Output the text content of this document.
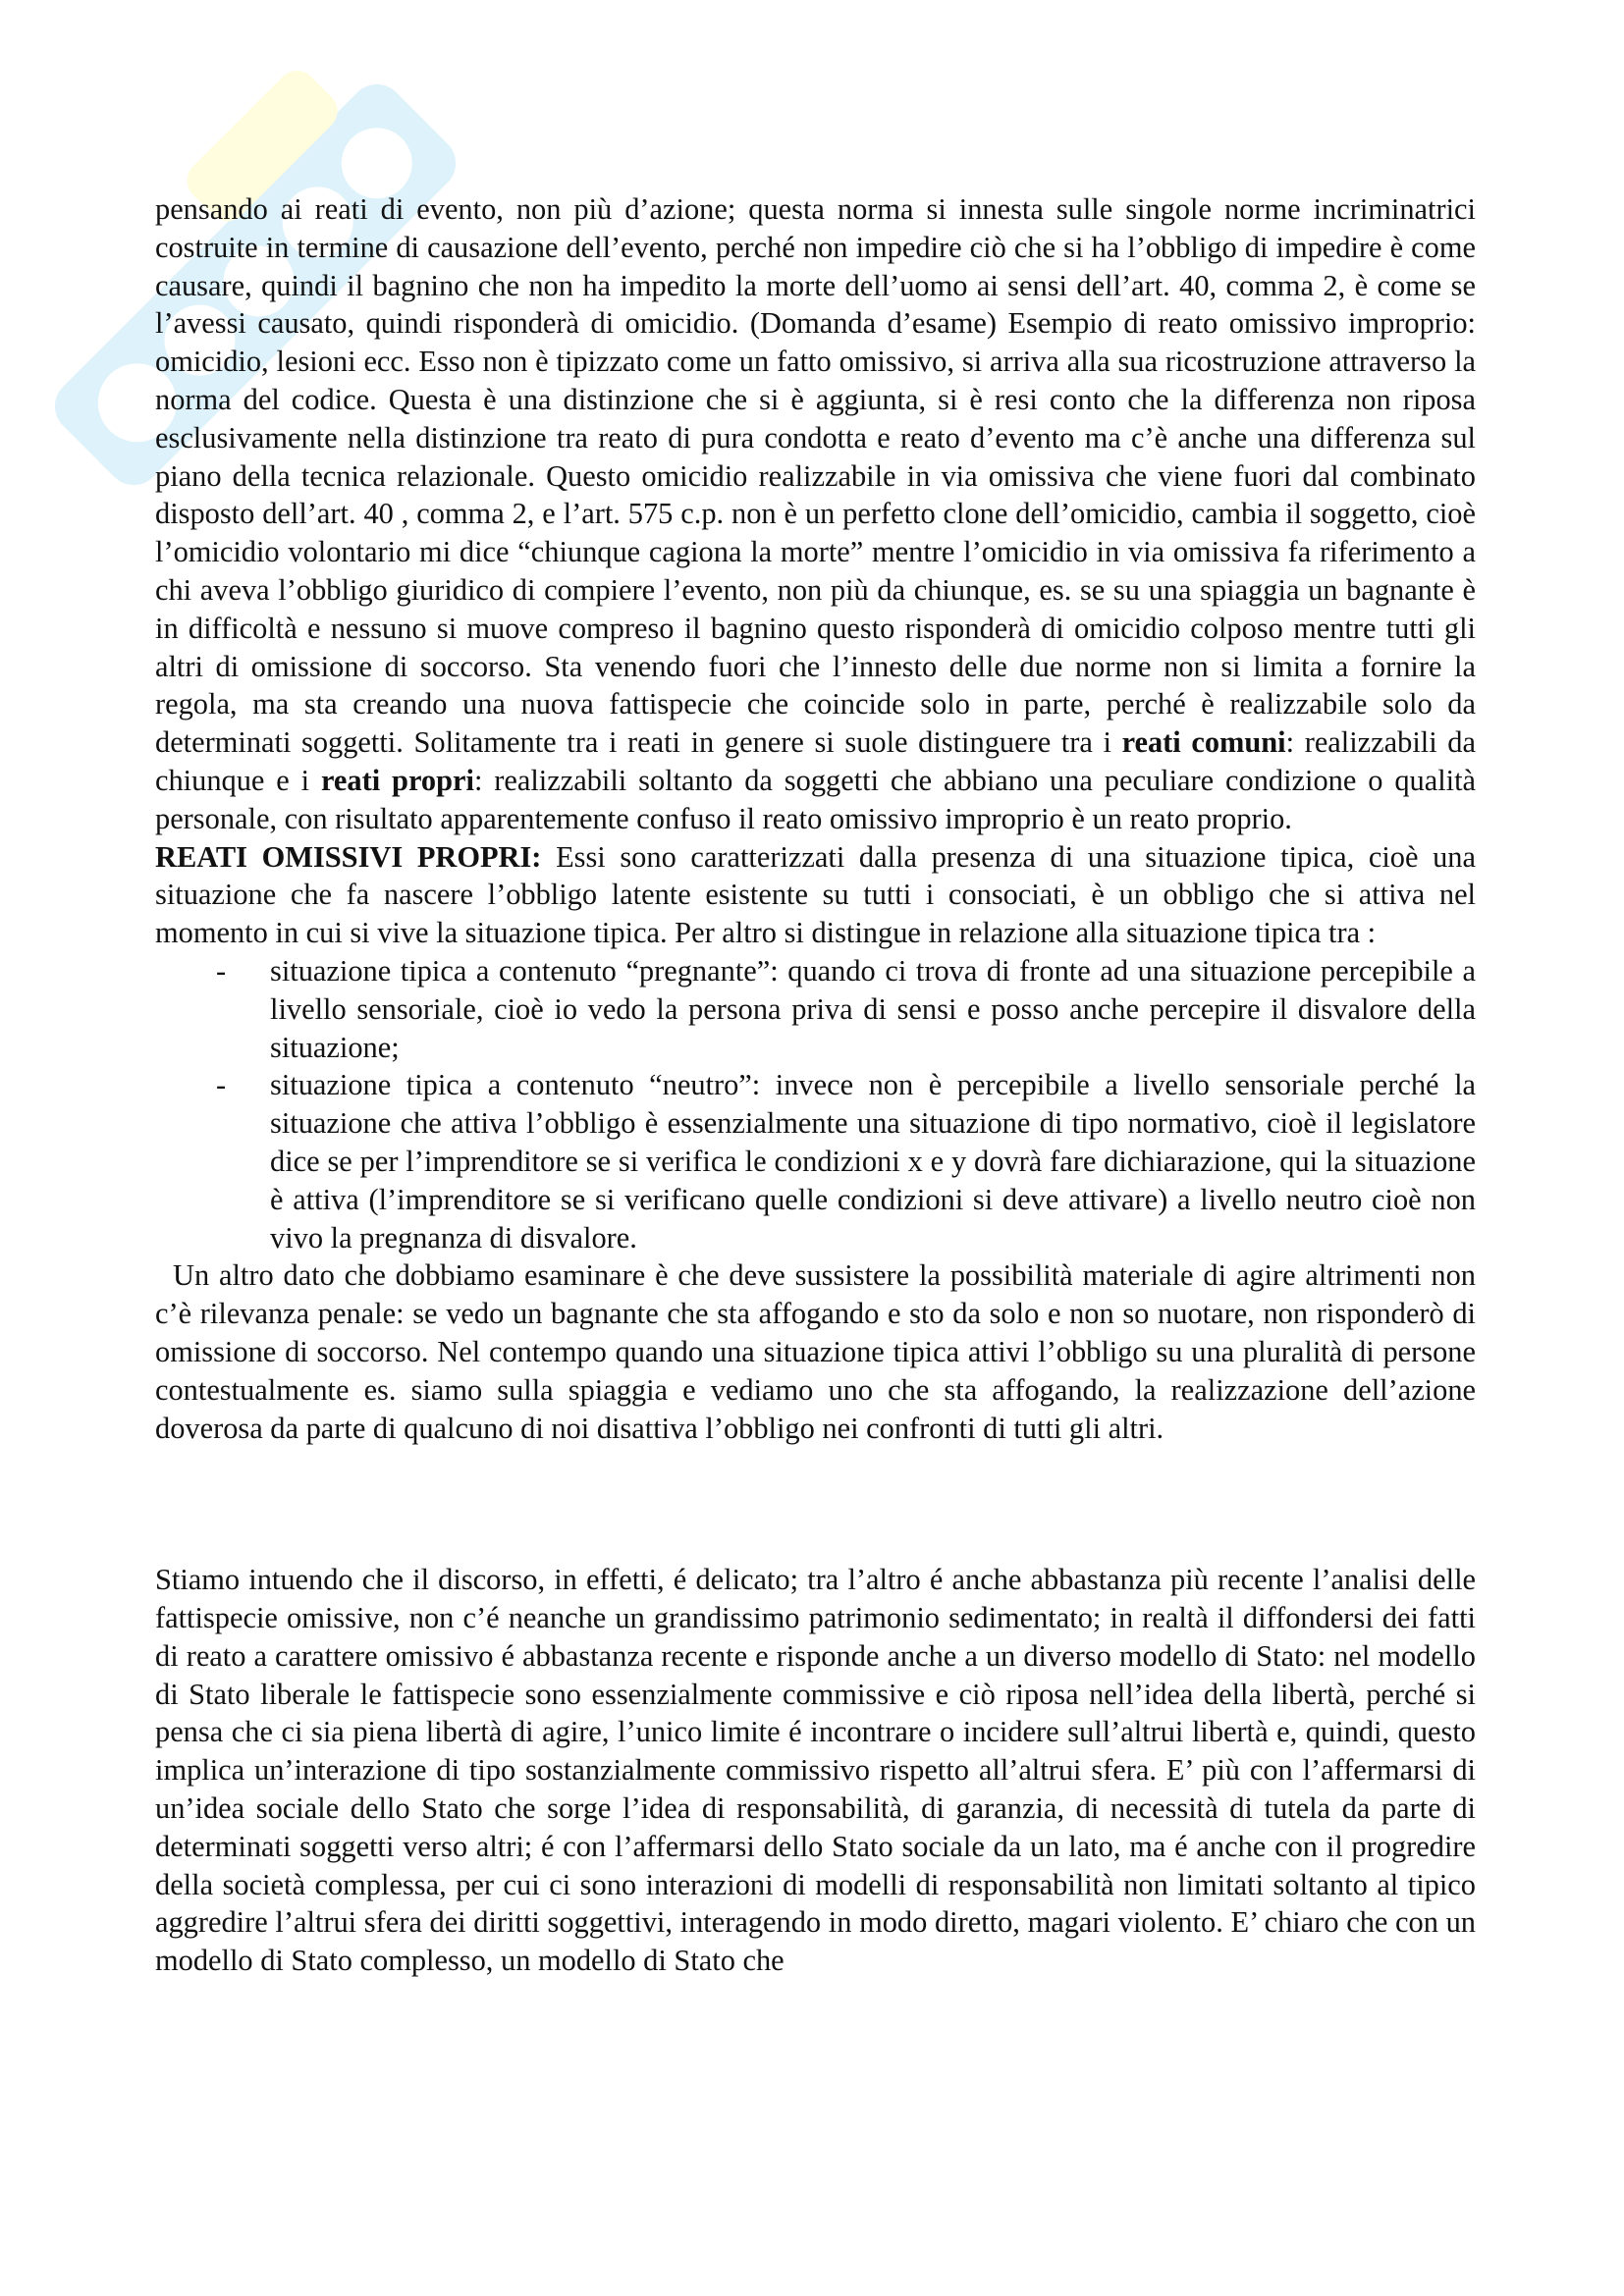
pensando ai reati di evento, non più d’azione; questa norma si innesta sulle singole norme incriminatrici costruite in termine di causazione dell’evento, perché non impedire ciò che si ha l’obbligo di impedire è come causare, quindi il bagnino che non ha impedito la morte dell’uomo ai sensi dell’art. 40, comma 2, è come se l’avessi causato, quindi risponderà di omicidio. (Domanda d’esame) Esempio di reato omissivo improprio: omicidio, lesioni ecc. Esso non è tipizzato come un fatto omissivo, si arriva alla sua ricostruzione attraverso la norma del codice. Questa è una distinzione che si è aggiunta, si è resi conto che la differenza non riposa esclusivamente nella distinzione tra reato di pura condotta e reato d’evento ma c’è anche una differenza sul piano della tecnica relazionale. Questo omicidio realizzabile in via omissiva che viene fuori dal combinato disposto dell’art. 40 , comma 2, e l’art. 575 c.p. non è un perfetto clone dell’omicidio, cambia il soggetto, cioè l’omicidio volontario mi dice “chiunque cagiona la morte” mentre l’omicidio in via omissiva fa riferimento a chi aveva l’obbligo giuridico di compiere l’evento, non più da chiunque, es. se su una spiaggia un bagnante è in difficoltà e nessuno si muove compreso il bagnino questo risponderà di omicidio colposo mentre tutti gli altri di omissione di soccorso. Sta venendo fuori che l’innesto delle due norme non si limita a fornire la regola, ma sta creando una nuova fattispecie che coincide solo in parte, perché è realizzabile solo da determinati soggetti. Solitamente tra i reati in genere si suole distinguere tra i reati comuni: realizzabili da chiunque e i reati propri: realizzabili soltanto da soggetti che abbiano una peculiare condizione o qualità personale, con risultato apparentemente confuso il reato omissivo improprio è un reato proprio.

REATI OMISSIVI PROPRI: Essi sono caratterizzati dalla presenza di una situazione tipica, cioè una situazione che fa nascere l’obbligo latente esistente su tutti i consociati, è un obbligo che si attiva nel momento in cui si vive la situazione tipica. Per altro si distingue in relazione alla situazione tipica tra :

- situazione tipica a contenuto “pregnante”: quando ci trova di fronte ad una situazione percepibile a livello sensoriale, cioè io vedo la persona priva di sensi e posso anche percepire il disvalore della situazione;
- situazione tipica a contenuto “neutro”: invece non è percepibile a livello sensoriale perché la situazione che attiva l’obbligo è essenzialmente una situazione di tipo normativo, cioè il legislatore dice se per l’imprenditore se si verifica le condizioni x e y dovrà fare dichiarazione, qui la situazione è attiva (l’imprenditore se si verificano quelle condizioni si deve attivare) a livello neutro cioè non vivo la pregnanza di disvalore.

Un altro dato che dobbiamo esaminare è che deve sussistere la possibilità materiale di agire altrimenti non c’è rilevanza penale: se vedo un bagnante che sta affogando e sto da solo e non so nuotare, non risponderò di omissione di soccorso. Nel contempo quando una situazione tipica attivi l’obbligo su una pluralità di persone contestualmente es. siamo sulla spiaggia e vediamo uno che sta affogando, la realizzazione dell’azione doverosa da parte di qualcuno di noi disattiva l’obbligo nei confronti di tutti gli altri.

Stiamo intuendo che il discorso, in effetti, é delicato; tra l’altro é anche abbastanza più recente l’analisi delle fattispecie omissive, non c’é neanche un grandissimo patrimonio sedimentato; in realtà il diffondersi dei fatti di reato a carattere omissivo é abbastanza recente e risponde anche a un diverso modello di Stato: nel modello di Stato liberale le fattispecie sono essenzialmente commissive e ciò riposa nell’idea della libertà, perché si pensa che ci sia piena libertà di agire, l’unico limite é incontrare o incidere sull’altrui libertà e, quindi, questo implica un’interazione di tipo sostanzialmente commissivo rispetto all’altrui sfera. E’ più con l’affermarsi di un’idea sociale dello Stato che sorge l’idea di responsabilità, di garanzia, di necessità di tutela da parte di determinati soggetti verso altri; é con l’affermarsi dello Stato sociale da un lato, ma é anche con il progredire della società complessa, per cui ci sono interazioni di modelli di responsabilità non limitati soltanto al tipico aggredire l’altrui sfera dei diritti soggettivi, interagendo in modo diretto, magari violento. E’ chiaro che con un modello di Stato complesso, un modello di Stato che
